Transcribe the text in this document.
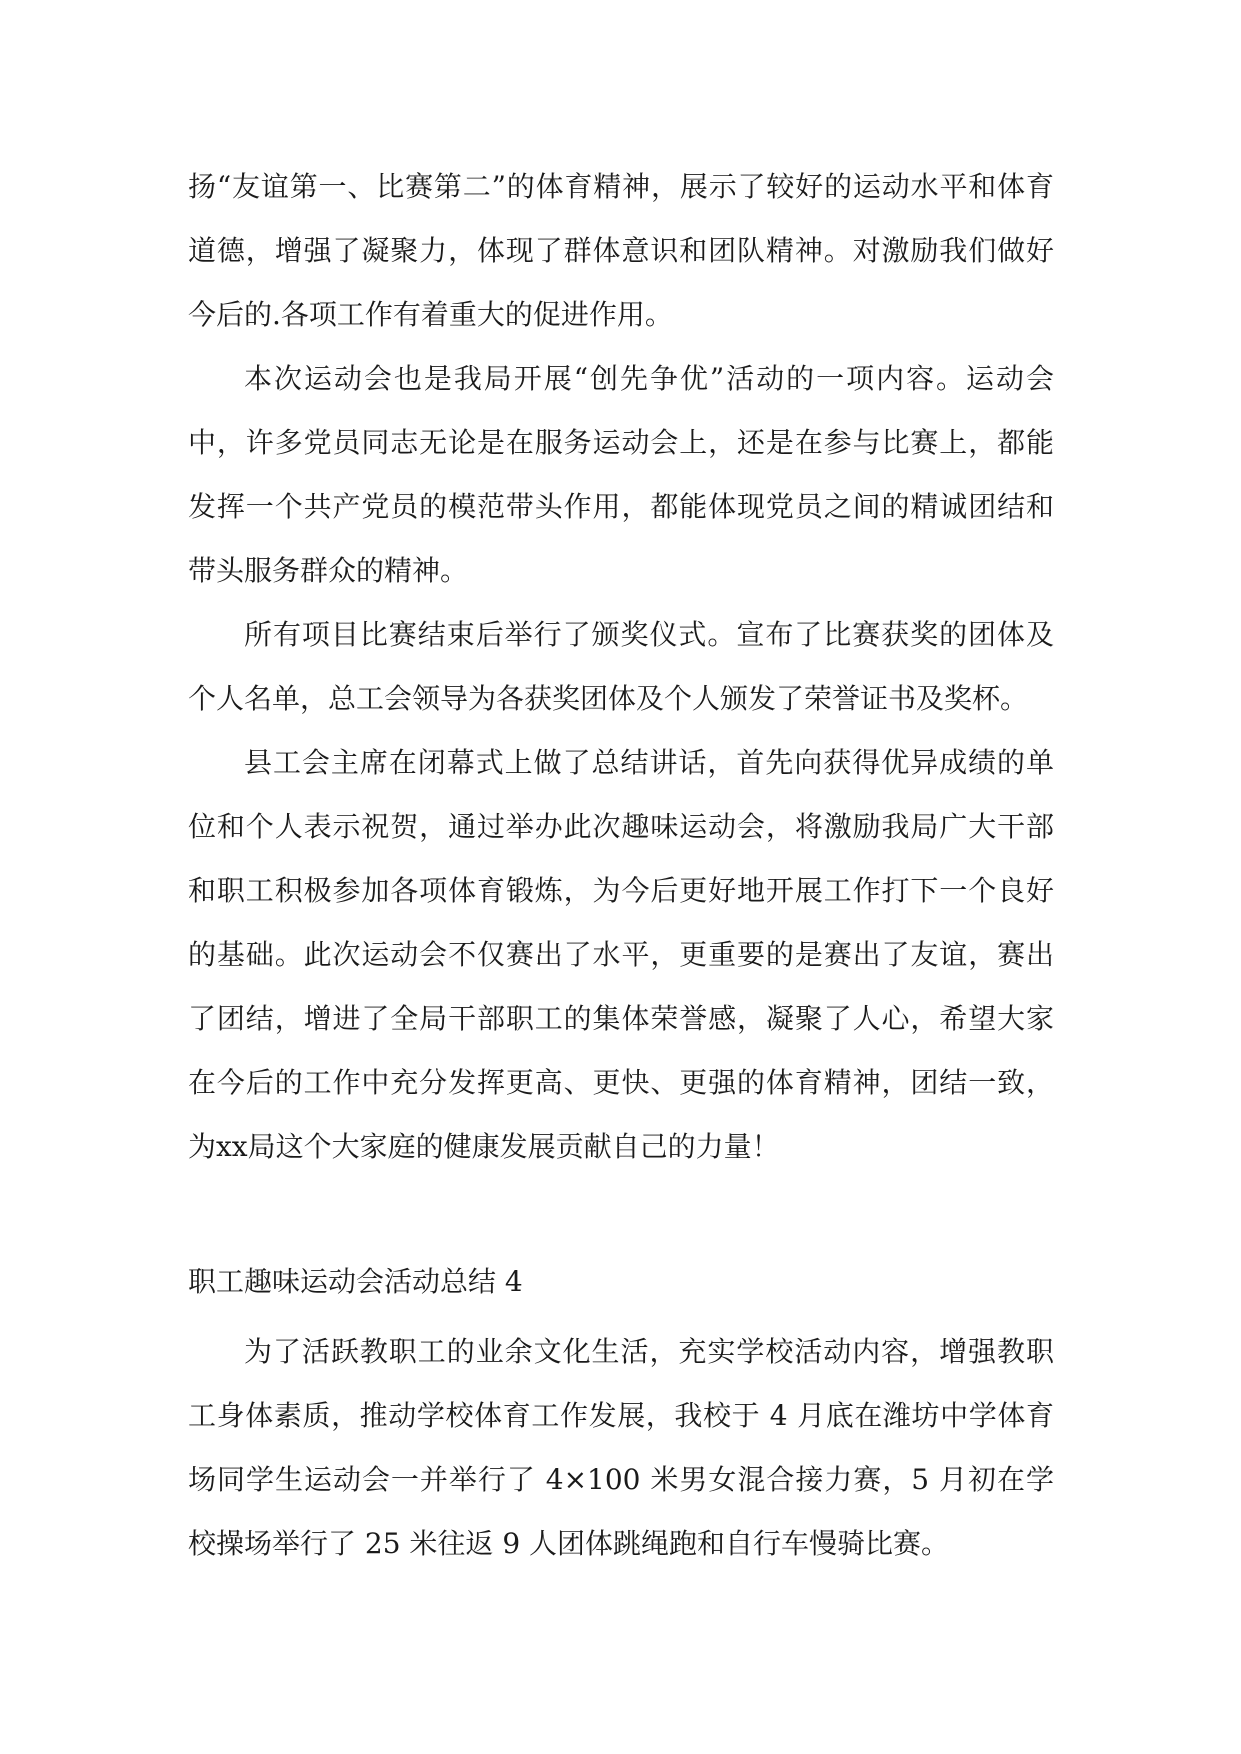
扬“友谊第一、比赛第二”的体育精神，展示了较好的运动水平和体育道德，增强了凝聚力，体现了群体意识和团队精神。对激励我们做好今后的.各项工作有着重大的促进作用。

本次运动会也是我局开展“创先争优”活动的一项内容。运动会中，许多党员同志无论是在服务运动会上，还是在参与比赛上，都能发挥一个共产党员的模范带头作用，都能体现党员之间的精诚团结和带头服务群众的精神。

所有项目比赛结束后举行了颁奖仪式。宣布了比赛获奖的团体及个人名单，总工会领导为各获奖团体及个人颁发了荣誉证书及奖杯。

县工会主席在闭幕式上做了总结讲话，首先向获得优异成绩的单位和个人表示祝贺，通过举办此次趣味运动会，将激励我局广大干部和职工积极参加各项体育锻炼，为今后更好地开展工作打下一个良好的基础。此次运动会不仅赛出了水平，更重要的是赛出了友谊，赛出了团结，增进了全局干部职工的集体荣誉感，凝聚了人心，希望大家在今后的工作中充分发挥更高、更快、更强的体育精神，团结一致，为xx局这个大家庭的健康发展贡献自己的力量！

职工趣味运动会活动总结 4

为了活跃教职工的业余文化生活，充实学校活动内容，增强教职工身体素质，推动学校体育工作发展，我校于 4 月底在潍坊中学体育场同学生运动会一并举行了 4×100 米男女混合接力赛，5 月初在学校操场举行了 25 米往返 9 人团体跳绳跑和自行车慢骑比赛。
